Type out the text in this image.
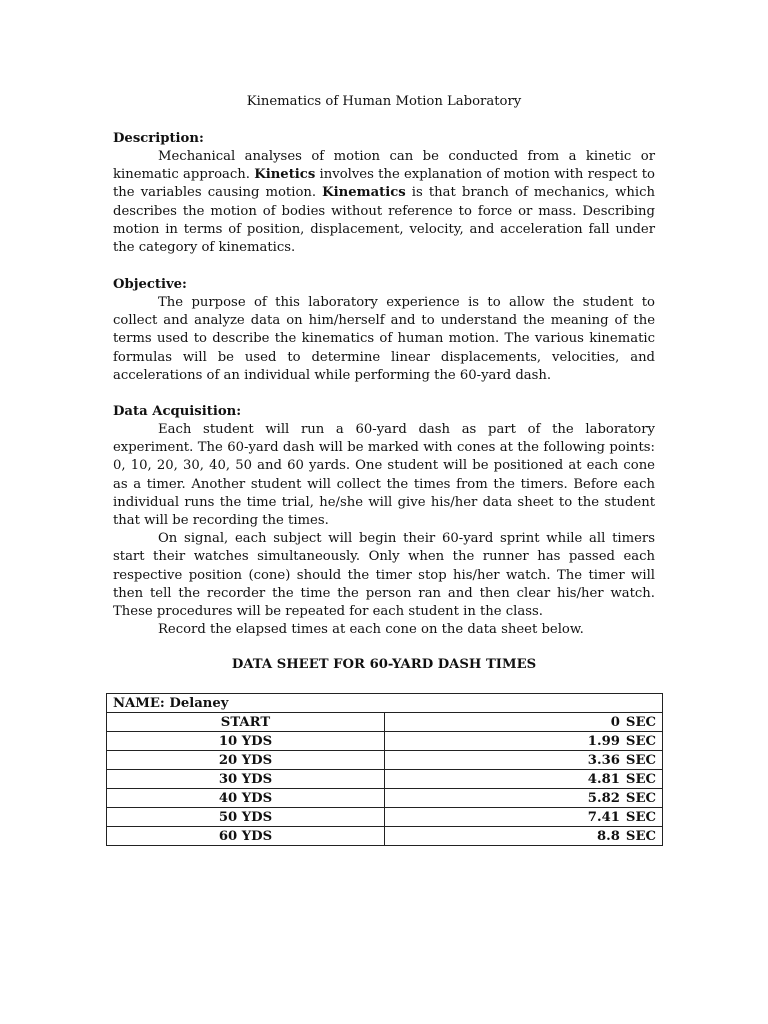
Kinematics of Human Motion Laboratory
Description:

Mechanical analyses of motion can be conducted from a kinetic or kinematic approach. Kinetics involves the explanation of motion with respect to the variables causing motion. Kinematics is that branch of mechanics, which describes the motion of bodies without reference to force or mass. Describing motion in terms of position, displacement, velocity, and acceleration fall under the category of kinematics.

Objective:

The purpose of this laboratory experience is to allow the student to collect and analyze data on him/herself and to understand the meaning of the terms used to describe the kinematics of human motion. The various kinematic formulas will be used to determine linear displacements, velocities, and accelerations of an individual while performing the 60-yard dash.

Data Acquisition:

Each student will run a 60-yard dash as part of the laboratory experiment. The 60-yard dash will be marked with cones at the following points: 0, 10, 20, 30, 40, 50 and 60 yards. One student will be positioned at each cone as a timer. Another student will collect the times from the timers. Before each individual runs the time trial, he/she will give his/her data sheet to the student that will be recording the times.

On signal, each subject will begin their 60-yard sprint while all timers start their watches simultaneously. Only when the runner has passed each respective position (cone) should the timer stop his/her watch. The timer will then tell the recorder the time the person ran and then clear his/her watch. These procedures will be repeated for each student in the class.

Record the elapsed times at each cone on the data sheet below.

DATA SHEET FOR 60-YARD DASH TIMES
NAME: Delaney	
START	0 SEC
10 YDS	1.99 SEC
20 YDS	3.36 SEC
30 YDS	4.81 SEC
40 YDS	5.82 SEC
50 YDS	7.41 SEC
60 YDS	8.8 SEC
